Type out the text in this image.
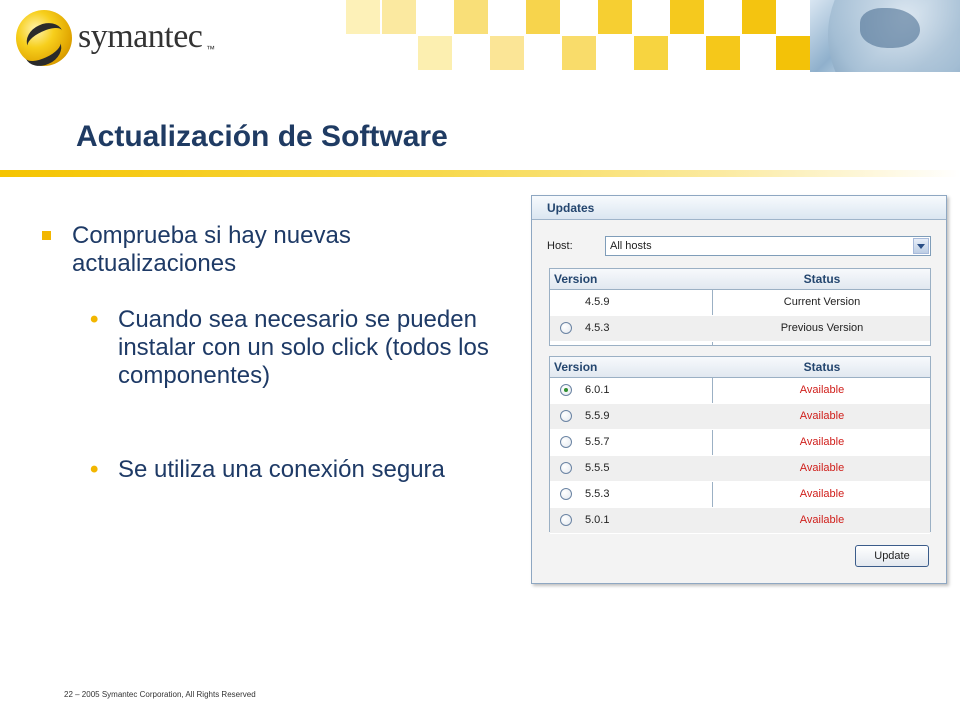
symantec ™
Actualización de Software
Comprueba si hay nuevas actualizaciones
• Cuando sea necesario se pueden instalar con un solo click (todos los componentes)
• Se utiliza una conexión segura
Updates
Host:	All hosts
Version	Status
4.5.9	Current Version
4.5.3	Previous Version
Version	Status
6.0.1	Available
5.5.9	Available
5.5.7	Available
5.5.5	Available
5.5.3	Available
5.0.1	Available
Update
22 – 2005 Symantec Corporation, All Rights Reserved
